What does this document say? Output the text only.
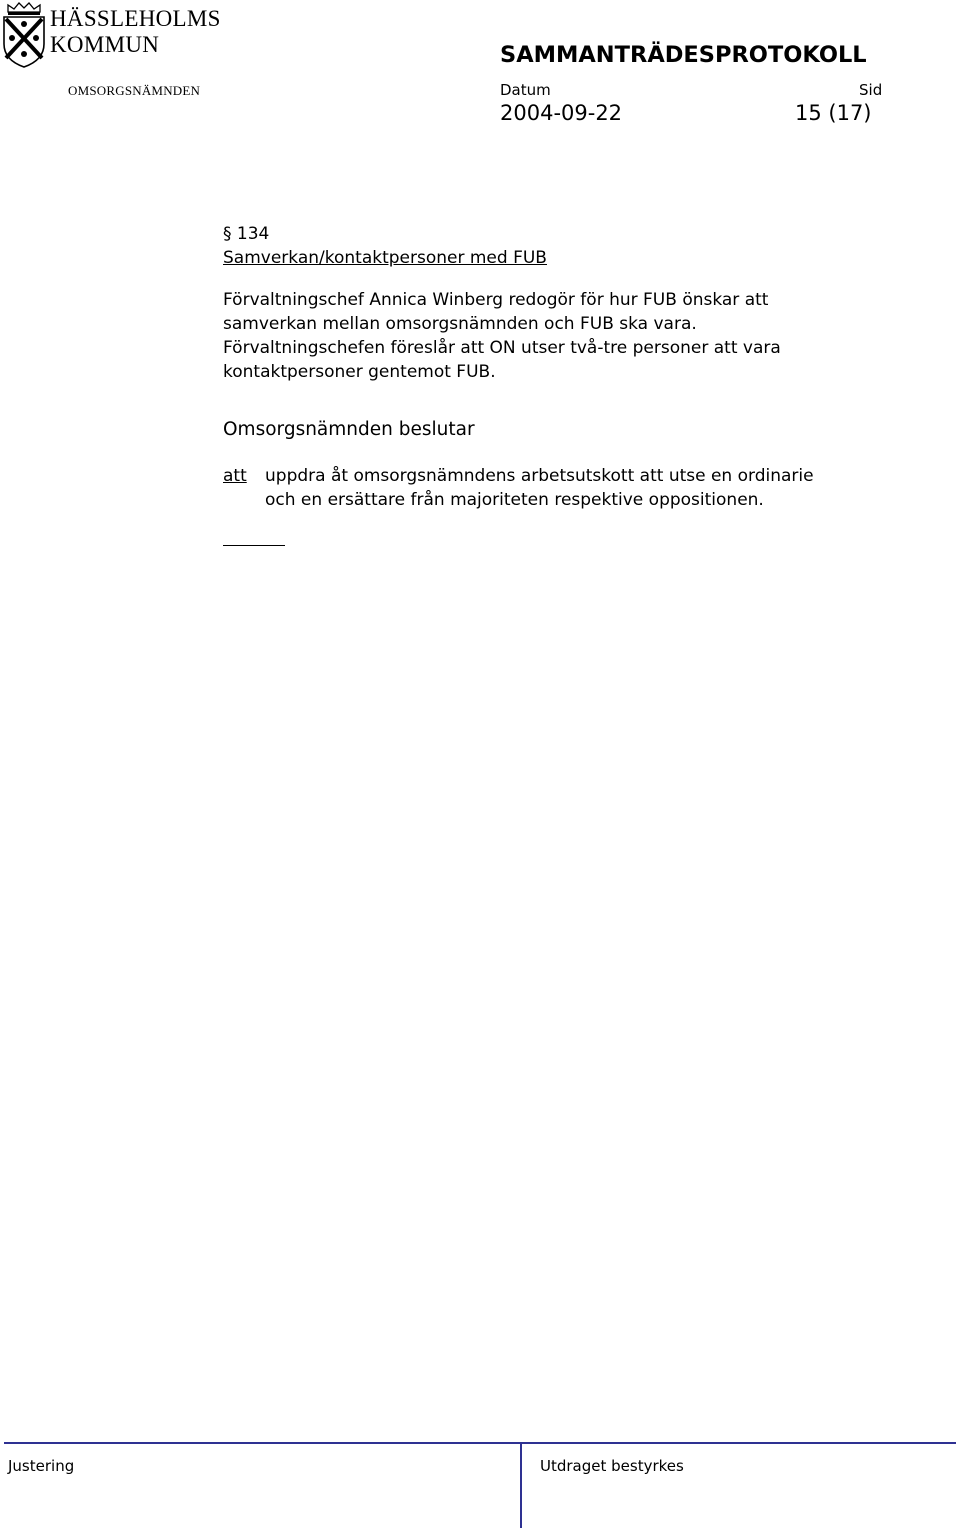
HÄSSLEHOLMS
KOMMUN
OMSORGSNÄMNDEN
SAMMANTRÄDESPROTOKOLL
Datum	Sid
2004-09-22	15 (17)

§ 134

Samverkan/kontaktpersoner med FUB

Förvaltningschef Annica Winberg redogör för hur FUB önskar att
samverkan mellan omsorgsnämnden och FUB ska vara.
Förvaltningschefen föreslår att ON utser två-tre personer att vara
kontaktpersoner gentemot FUB.
Omsorgsnämnden beslutar
att	uppdra åt omsorgsnämndens arbetsutskott att utse en ordinarie
och en ersättare från majoriteten respektive oppositionen.
Justering	Utdraget bestyrkes
